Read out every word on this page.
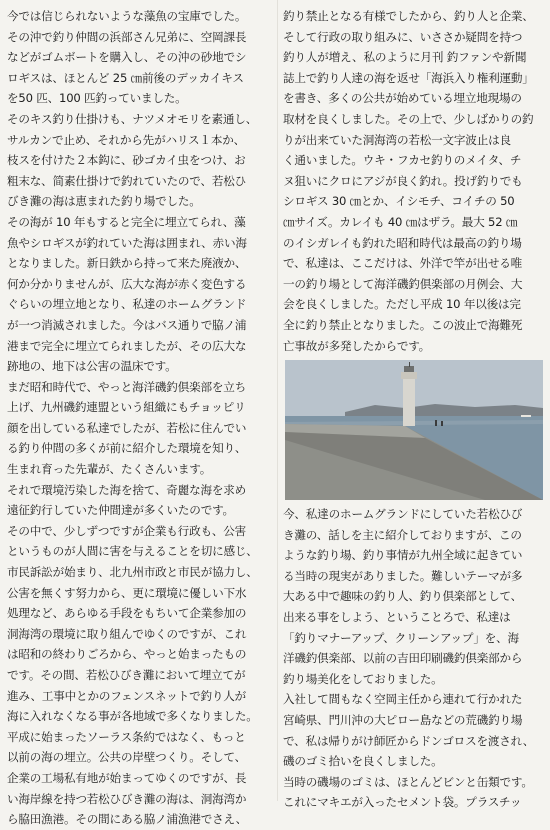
今では信じられないような藻魚の宝庫でした。
その沖で釣り仲間の浜部さん兄弟に、空岡課長
などがゴムボートを購入し、その沖の砂地でシ
ロギスは、ほとんど 25 ㎝前後のデッカイキス
を50 匹、100 匹釣っていました。

そのキス釣り仕掛けも、ナツメオモリを素通し、
サルカンで止め、それから先がハリス１本か、
枝スを付けた２本鈎に、砂ゴカイ虫をつけ、お
粗末な、简素仕掛けで釣れていたので、若松ひ
びき灘の海は恵まれた釣り場でした。

その海が 10 年もすると完全に埋立てられ、藻
魚やシロギスが釣れていた海は囲まれ、赤い海
となりました。新日鉄から持って来た廃液か、
何か分かりませんが、広大な海が赤く変色する
ぐらいの埋立地となり、私達のホームグランド
が一つ消滅されました。今はバス通りで脇ノ浦
港まで完全に埋立てられましたが、その広大な
跡地の、地下は公害の温床です。

まだ昭和時代で、やっと海洋磯釣倶楽部を立ち
上げ、九州磯釣連盟という組織にもチョッピリ
顔を出している私達でしたが、若松に住んでい
る釣り仲間の多くが前に紹介した環境を知り、
生まれ育った先輩が、たくさんいます。

それで環境汚染した海を捨て、奇麗な海を求め
遠征釣行していた仲間達が多くいたのです。

その中で、少しずつですが企業も行政も、公害
というものが人間に害を与えることを切に感じ、
市民訴訟が始まり、北九州市政と市民が協力し、
公害を無くす努力から、更に環境に優しい下水
処理など、あらゆる手段をもちいて企業参加の
洞海湾の環境に取り組んでゆくのですが、これ
は昭和の終わりごろから、やっと始まったもの
です。その間、若松ひびき灘において埋立てが
進み、工事中とかのフェンスネットで釣り人が
海に入れなくなる事が各地域で多くなりました。

平成に始まったソーラス条約ではなく、もっと
以前の海の埋立。公共の岸壁つくり。そして、
企業の工場私有地が始まってゆくのですが、長
い海岸線を持つ若松ひびき灘の海は、洞海湾か
ら脇田漁港。その間にある脇ノ浦漁港でさえ、

釣り禁止となる有様でしたから、釣り人と企業、
そして行政の取り組みに、いささか疑問を持つ
釣り人が増え、私のように月刊 釣ファンや新聞
誌上で釣り人達の海を返せ「海浜入り権利運動」
を書き、多くの公共が始めている埋立地現場の
取材を良くしました。その上で、少しばかりの釣
りが出来ていた洞海湾の若松一文字波止は良
く通いました。ウキ・フカセ釣りのメイタ、チ
ヌ狙いにクロにアジが良く釣れ。投げ釣りでも
シロギス 30 ㎝とか、イシモチ、コイチの 50
㎝サイズ。カレイも 40 ㎝はザラ。最大 52 ㎝
のイシガレイも釣れた昭和時代は最高の釣り場
で、私達は、ここだけは、外洋で竿が出せる唯
一の釣り場として海洋磯釣倶楽部の月例会、大
会を良くしました。ただし平成 10 年以後は完
全に釣り禁止となりました。この波止で海難死
亡事故が多発したからです。

今、私達のホームグランドにしていた若松ひび
き灘の、話しを主に紹介しておりますが、この
ような釣り場、釣り事情が九州全域に起きてい
る当時の現実がありました。難しいテーマが多
大ある中で趣味の釣り人、釣り倶楽部として、
出来る事をしよう、ということろで、私達は
「釣りマナーアップ、クリーンアップ」を、海
洋磯釣倶楽部、以前の吉田印刷磯釣倶楽部から
釣り場美化をしておりました。

入社して間もなく空岡主任から連れて行かれた
宮崎県、門川沖の大ピロー島などの荒磯釣り場
で、私は帰りがけ師匠からドンゴロスを渡され、
磯のゴミ拾いを良くしました。

当時の磯場のゴミは、ほとんどビンと缶類です。
これにマキエが入ったセメント袋。プラスチッ
